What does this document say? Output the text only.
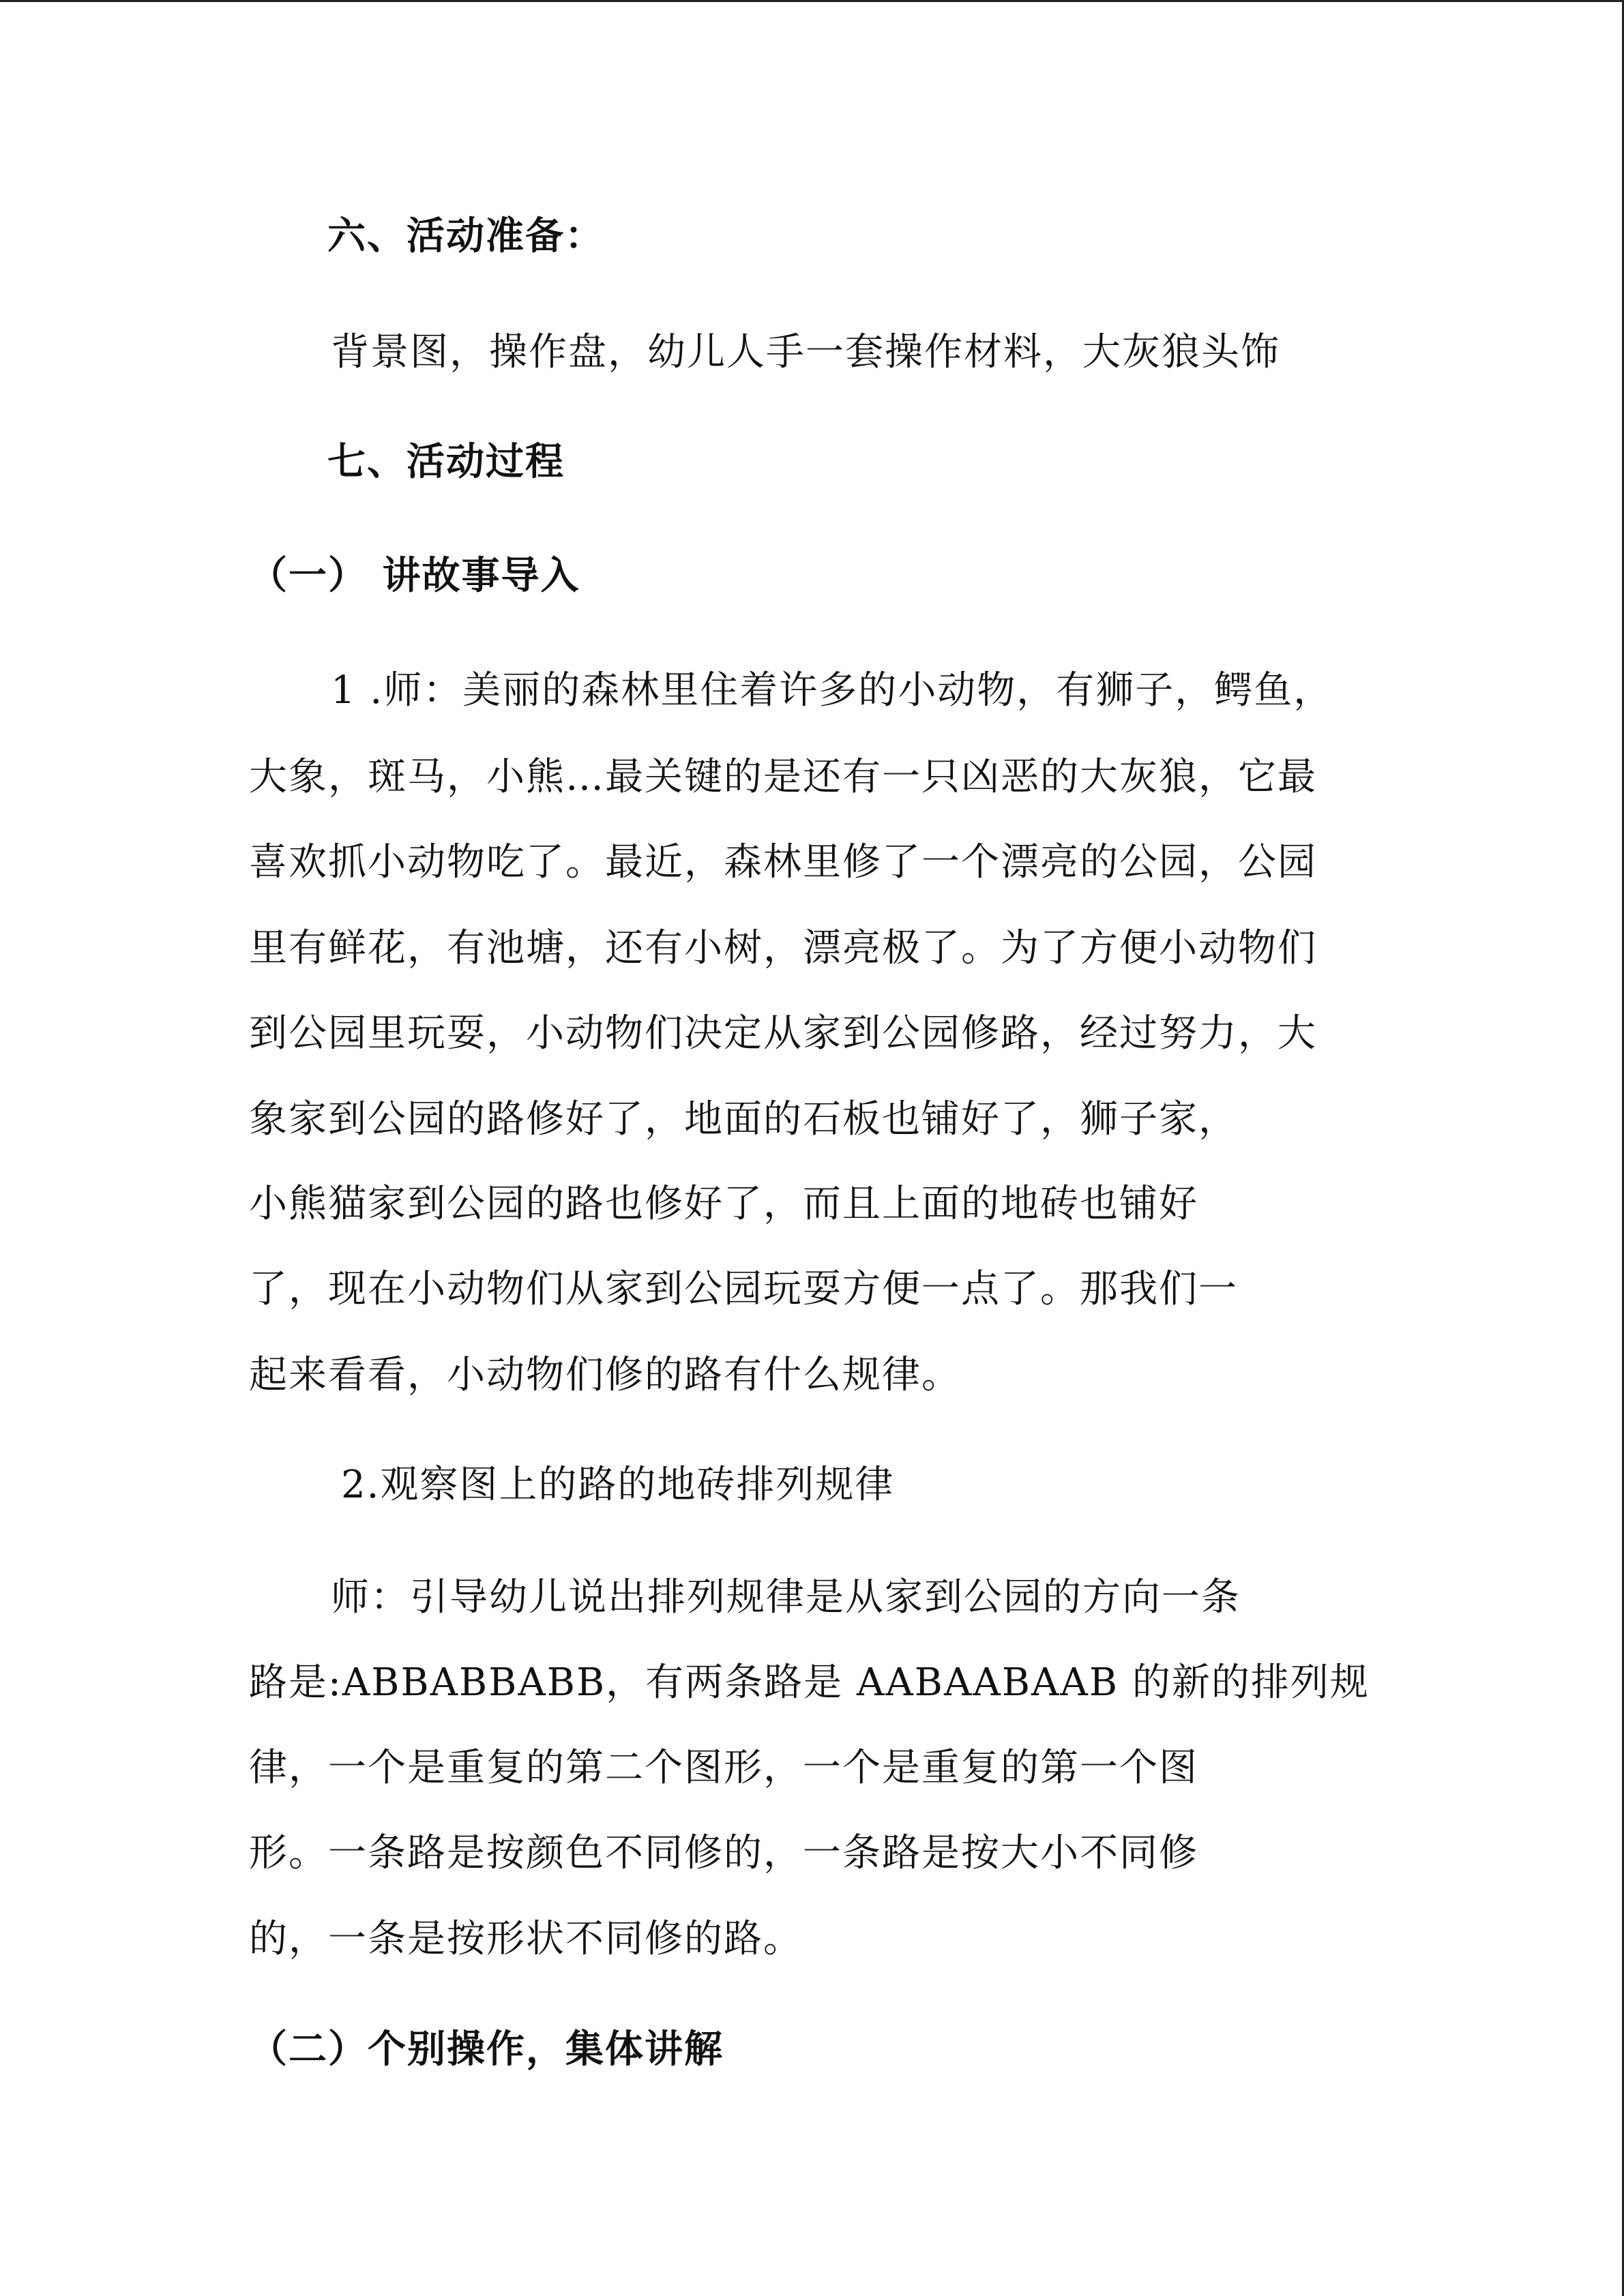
六、活动准备：
背景图，操作盘，幼儿人手一套操作材料，大灰狼头饰
七、活动过程
（一） 讲故事导入
1 .师：美丽的森林里住着许多的小动物，有狮子，鳄鱼，
大象，斑马，小熊…最关键的是还有一只凶恶的大灰狼，它最
喜欢抓小动物吃了。最近，森林里修了一个漂亮的公园，公园
里有鲜花，有池塘，还有小树，漂亮极了。为了方便小动物们
到公园里玩耍，小动物们决定从家到公园修路，经过努力，大
象家到公园的路修好了，地面的石板也铺好了，狮子家，
小熊猫家到公园的路也修好了，而且上面的地砖也铺好
了，现在小动物们从家到公园玩耍方便一点了。那我们一
起来看看，小动物们修的路有什么规律。
2.观察图上的路的地砖排列规律
师：引导幼儿说出排列规律是从家到公园的方向一条
路是:ABBABBABB，有两条路是 AABAABAAB 的新的排列规
律，一个是重复的第二个图形，一个是重复的第一个图
形。一条路是按颜色不同修的，一条路是按大小不同修
的，一条是按形状不同修的路。
（二）个别操作，集体讲解
